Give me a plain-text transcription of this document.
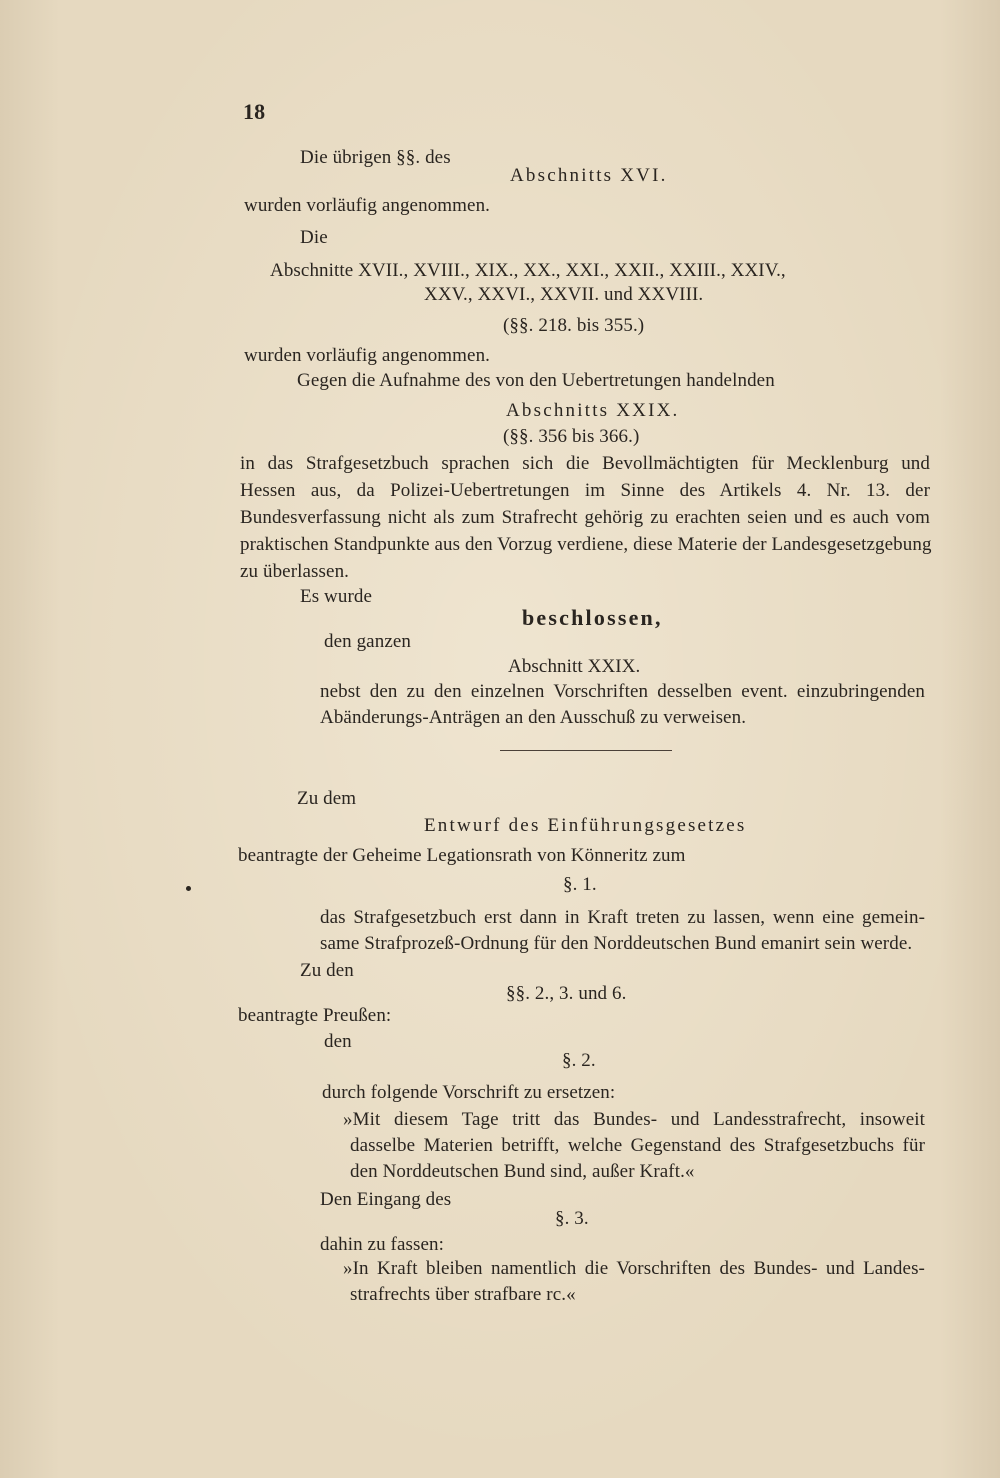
18

Die übrigen §§. des

Abschnitts XVI.

wurden vorläufig angenommen.

Die

Abschnitte XVII., XVIII., XIX., XX., XXI., XXII., XXIII., XXIV.,

XXV., XXVI., XXVII. und XXVIII.

(§§. 218. bis 355.)

wurden vorläufig angenommen.

Gegen die Aufnahme des von den Uebertretungen handelnden

Abschnitts XXIX.

(§§. 356 bis 366.)

in das Strafgesetzbuch sprachen sich die Bevollmächtigten für Mecklenburg und

Hessen aus, da Polizei-Uebertretungen im Sinne des Artikels 4. Nr. 13. der

Bundesverfassung nicht als zum Strafrecht gehörig zu erachten seien und es auch vom

praktischen Standpunkte aus den Vorzug verdiene, diese Materie der Landesgesetzgebung

zu überlassen.

Es wurde

beschlossen,

den ganzen

Abschnitt XXIX.

nebst den zu den einzelnen Vorschriften desselben event. einzubringenden

Abänderungs-Anträgen an den Ausschuß zu verweisen.

Zu dem

Entwurf des Einführungsgesetzes

beantragte der Geheime Legationsrath von Könneritz zum

§. 1.

das Strafgesetzbuch erst dann in Kraft treten zu lassen, wenn eine gemein-

same Strafprozeß-Ordnung für den Norddeutschen Bund emanirt sein werde.

Zu den

§§. 2., 3. und 6.

beantragte Preußen:

den

§. 2.

durch folgende Vorschrift zu ersetzen:

»Mit diesem Tage tritt das Bundes- und Landesstrafrecht, insoweit

dasselbe Materien betrifft, welche Gegenstand des Strafgesetzbuchs für

den Norddeutschen Bund sind, außer Kraft.«

Den Eingang des

§. 3.

dahin zu fassen:

»In Kraft bleiben namentlich die Vorschriften des Bundes- und Landes-

strafrechts über strafbare rc.«
